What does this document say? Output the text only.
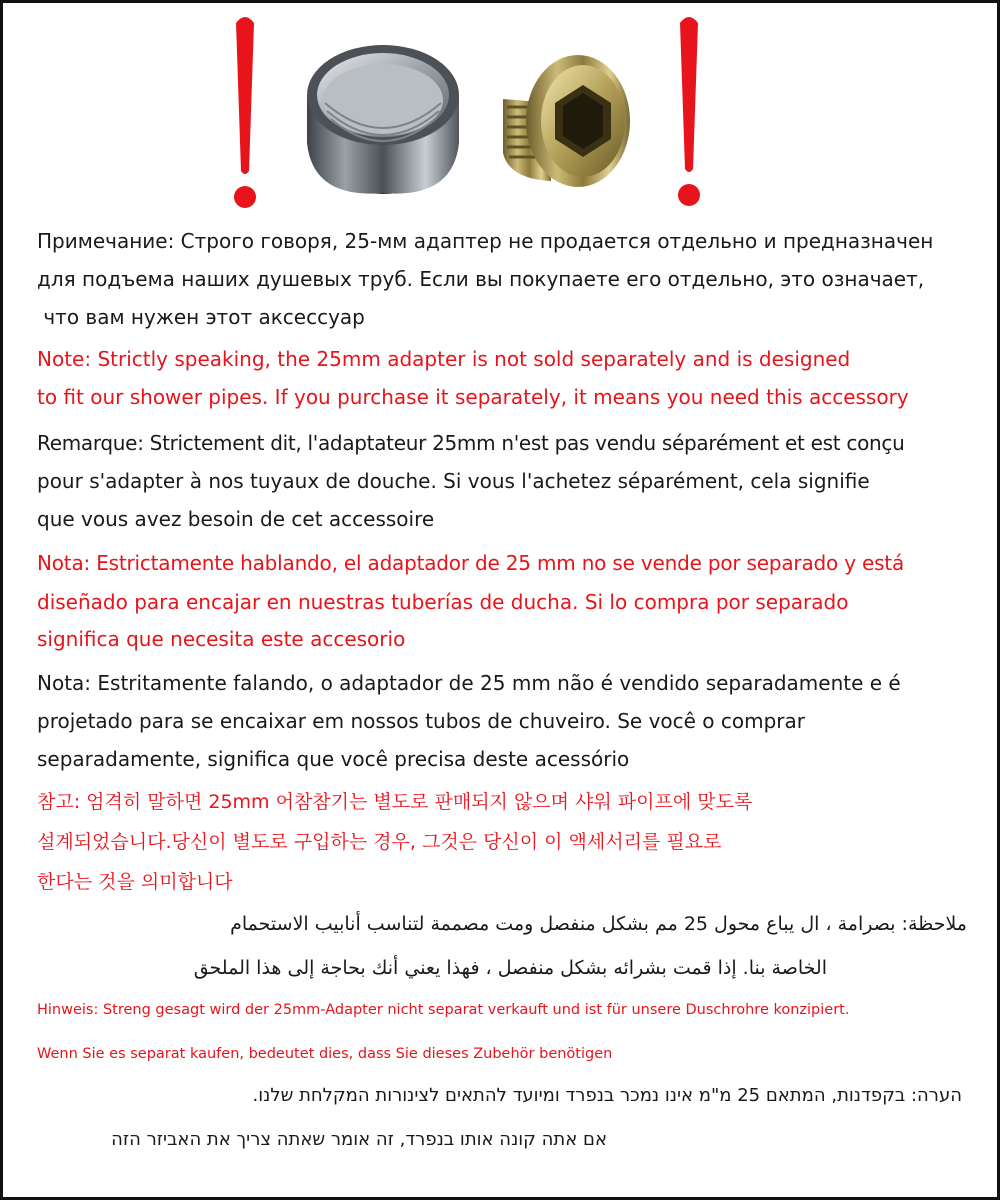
Примечание: Строго говоря, 25-мм адаптер не продается отдельно и предназначен
для подъема наших душевых труб. Если вы покупаете его отдельно, это означает,
что вам нужен этот аксессуар
Note: Strictly speaking, the 25mm adapter is not sold separately and is designed
to fit our shower pipes. If you purchase it separately, it means you need this accessory
Remarque: Strictement dit, l'adaptateur 25mm n'est pas vendu séparément et est conçu
pour s'adapter à nos tuyaux de douche. Si vous l'achetez séparément, cela signifie
que vous avez besoin de cet accessoire
Nota: Estrictamente hablando, el adaptador de 25 mm no se vende por separado y está
diseñado para encajar en nuestras tuberías de ducha. Si lo compra por separado
significa que necesita este accesorio
Nota: Estritamente falando, o adaptador de 25 mm não é vendido separadamente e é
projetado para se encaixar em nossos tubos de chuveiro. Se você o comprar
separadamente, significa que você precisa deste acessório
참고: 엄격히 말하면 25mm 어참참기는 별도로 판매되지 않으며 샤워 파이프에 맞도록
설계되었습니다.당신이 별도로 구입하는 경우, 그것은 당신이 이 액세서리를 필요로
한다는 것을 의미합니다
ملاحظة: بصرامة ، ال يباع محول 25 مم بشكل منفصل ومت مصممة لتناسب أنابيب الاستحمام
الخاصة بنا. إذا قمت بشرائه بشكل منفصل ، فهذا يعني أنك بحاجة إلى هذا الملحق
Hinweis: Streng gesagt wird der 25mm-Adapter nicht separat verkauft und ist für unsere Duschrohre konzipiert.
Wenn Sie es separat kaufen, bedeutet dies, dass Sie dieses Zubehör benötigen
הערה: בקפדנות, המתאם 25 מ"מ אינו נמכר בנפרד ומיועד להתאים לצינורות המקלחת שלנו.
אם אתה קונה אותו בנפרד, זה אומר שאתה צריך את האביזר הזה
